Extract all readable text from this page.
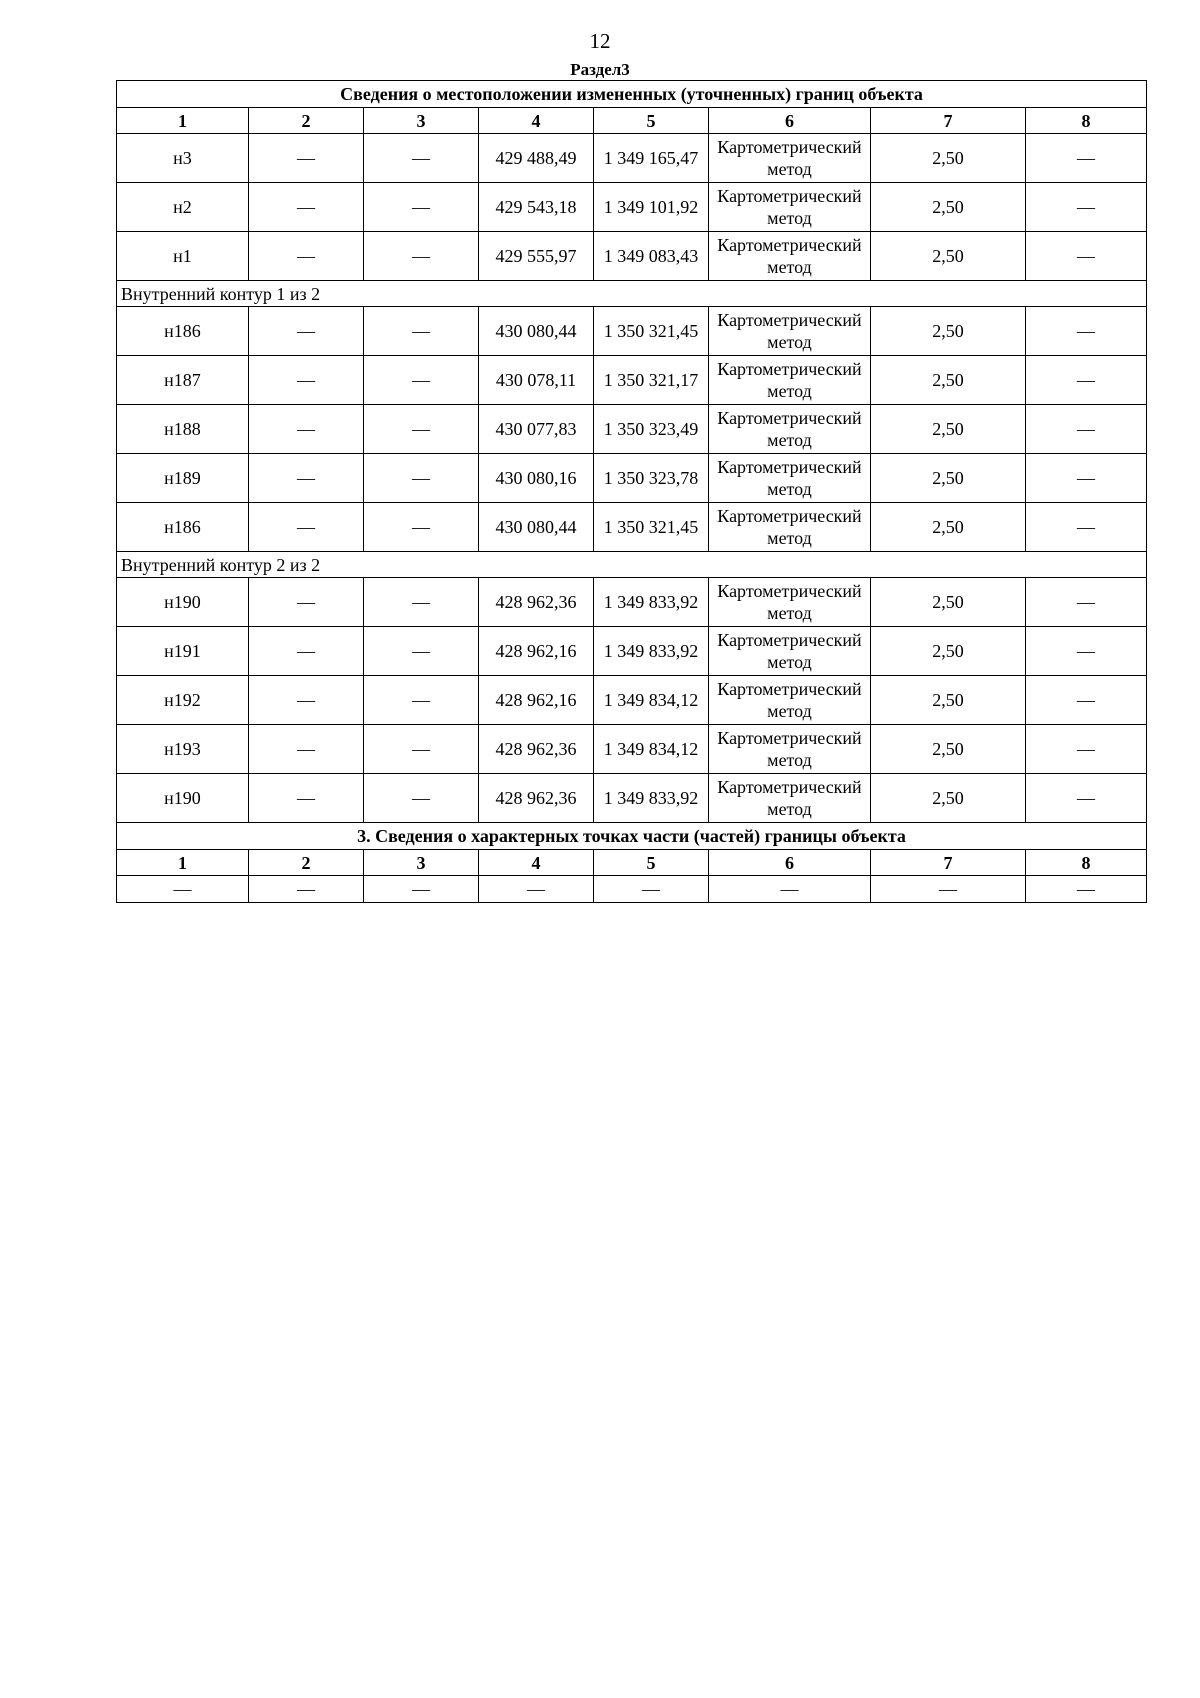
12
Раздел3
Сведения о местоположении измененных (уточненных) границ объекта							
1	2	3	4	5	6	7	8
н3	—	—	429 488,49	1 349 165,47	Картометрический метод	2,50	—
н2	—	—	429 543,18	1 349 101,92	Картометрический метод	2,50	—
н1	—	—	429 555,97	1 349 083,43	Картометрический метод	2,50	—
Внутренний контур 1 из 2							
н186	—	—	430 080,44	1 350 321,45	Картометрический метод	2,50	—
н187	—	—	430 078,11	1 350 321,17	Картометрический метод	2,50	—
н188	—	—	430 077,83	1 350 323,49	Картометрический метод	2,50	—
н189	—	—	430 080,16	1 350 323,78	Картометрический метод	2,50	—
н186	—	—	430 080,44	1 350 321,45	Картометрический метод	2,50	—
Внутренний контур 2 из 2							
н190	—	—	428 962,36	1 349 833,92	Картометрический метод	2,50	—
н191	—	—	428 962,16	1 349 833,92	Картометрический метод	2,50	—
н192	—	—	428 962,16	1 349 834,12	Картометрический метод	2,50	—
н193	—	—	428 962,36	1 349 834,12	Картометрический метод	2,50	—
н190	—	—	428 962,36	1 349 833,92	Картометрический метод	2,50	—
3. Сведения о характерных точках части (частей) границы объекта							
1	2	3	4	5	6	7	8
—	—	—	—	—	—	—	—
